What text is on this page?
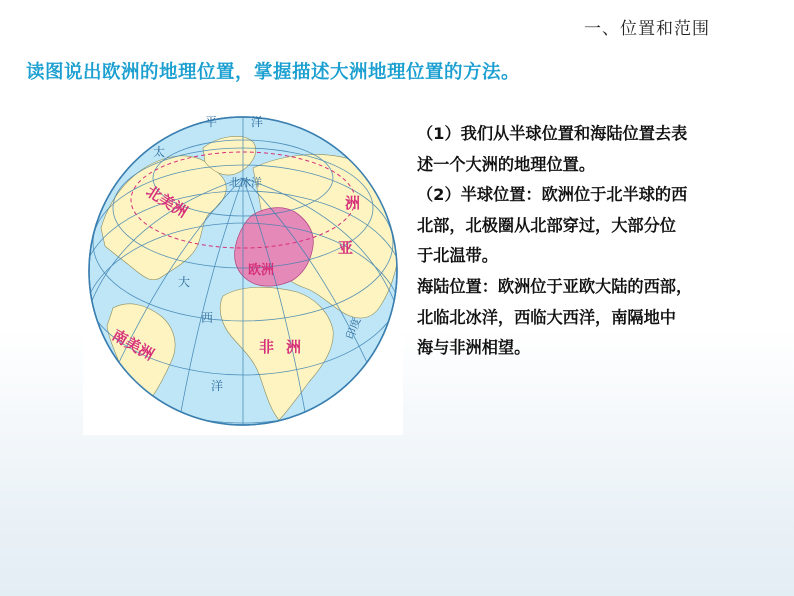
一、位置和范围
读图说出欧洲的地理位置，掌握描述大洲地理位置的方法。
北美洲
南美洲
欧洲
非洲
亚
洲
太
平	洋
北冰洋
大
西
洋
印度

（1）我们从半球位置和海陆位置去表

述一个大洲的地理位置。

（2）半球位置：欧洲位于北半球的西

北部，北极圈从北部穿过，大部分位

于北温带。

海陆位置：欧洲位于亚欧大陆的西部，

北临北冰洋，西临大西洋，南隔地中

海与非洲相望。
